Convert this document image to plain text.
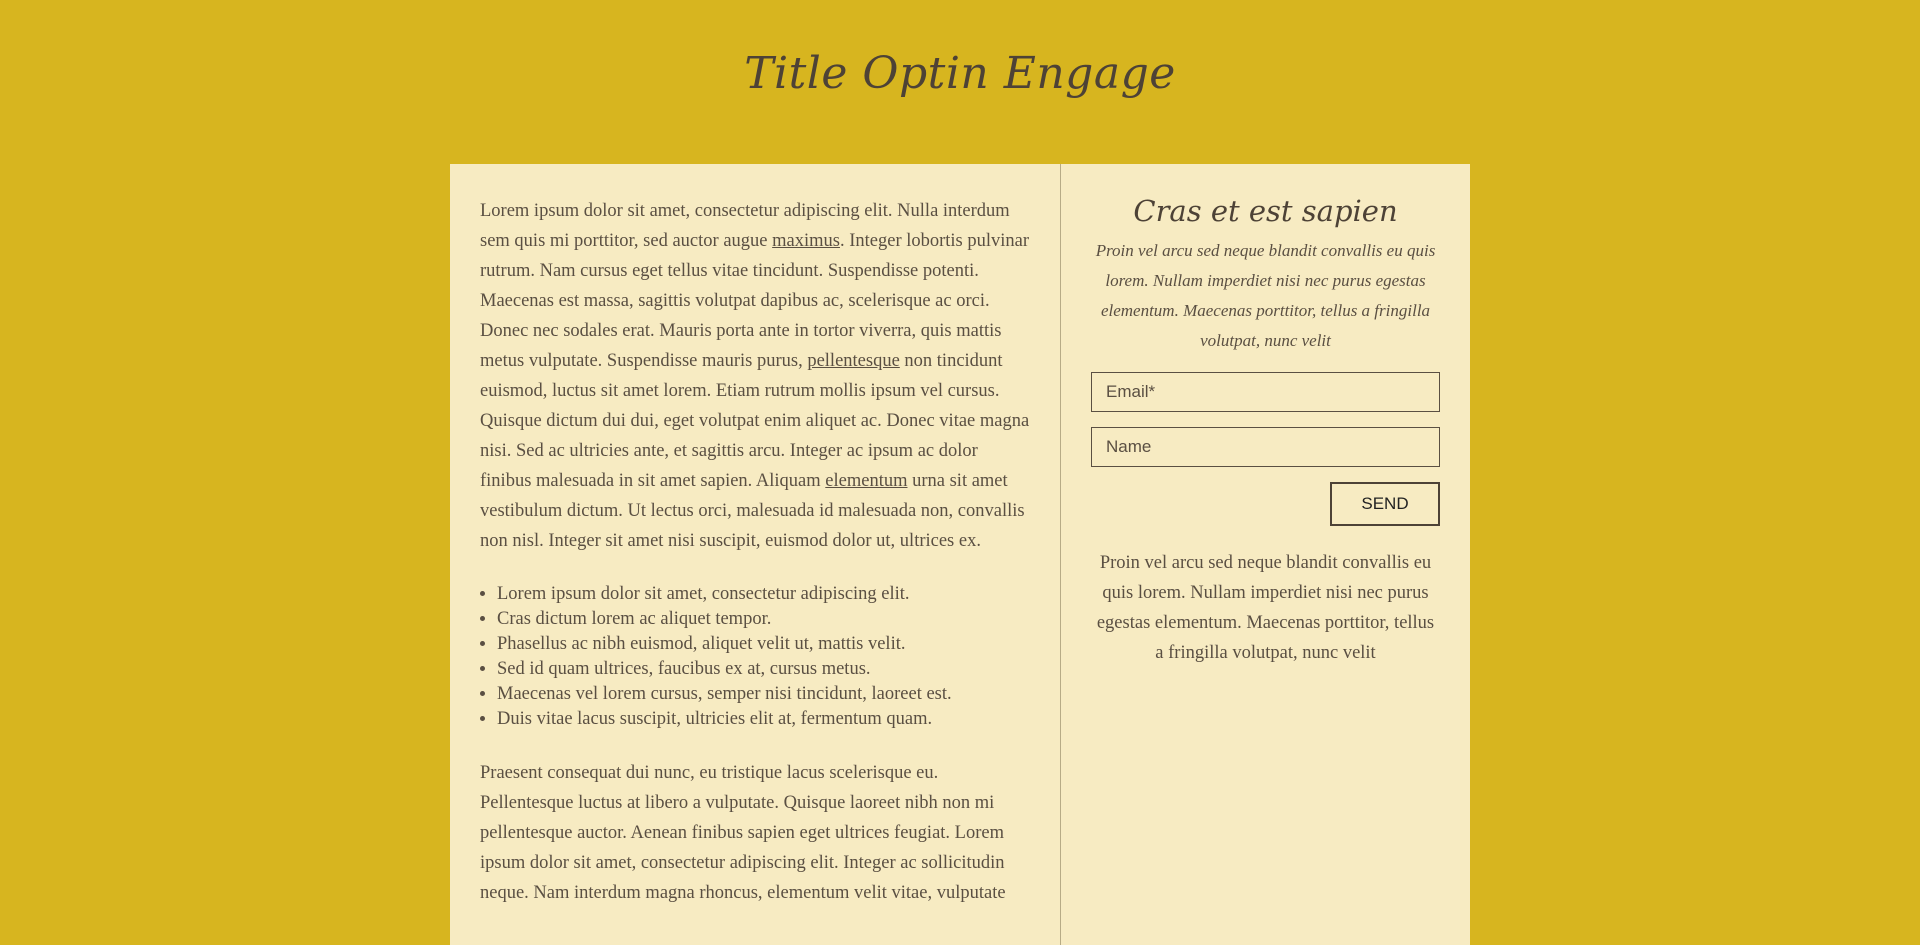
Title Optin Engage

Lorem ipsum dolor sit amet, consectetur adipiscing elit. Nulla interdum sem quis mi porttitor, sed auctor augue maximus. Integer lobortis pulvinar rutrum. Nam cursus eget tellus vitae tincidunt. Suspendisse potenti. Maecenas est massa, sagittis volutpat dapibus ac, scelerisque ac orci. Donec nec sodales erat. Mauris porta ante in tortor viverra, quis mattis metus vulputate. Suspendisse mauris purus, pellentesque non tincidunt euismod, luctus sit amet lorem. Etiam rutrum mollis ipsum vel cursus. Quisque dictum dui dui, eget volutpat enim aliquet ac. Donec vitae magna nisi. Sed ac ultricies ante, et sagittis arcu. Integer ac ipsum ac dolor finibus malesuada in sit amet sapien. Aliquam elementum urna sit amet vestibulum dictum. Ut lectus orci, malesuada id malesuada non, convallis non nisl. Integer sit amet nisi suscipit, euismod dolor ut, ultrices ex.

• Lorem ipsum dolor sit amet, consectetur adipiscing elit.
• Cras dictum lorem ac aliquet tempor.
• Phasellus ac nibh euismod, aliquet velit ut, mattis velit.
• Sed id quam ultrices, faucibus ex at, cursus metus.
• Maecenas vel lorem cursus, semper nisi tincidunt, laoreet est.
• Duis vitae lacus suscipit, ultricies elit at, fermentum quam.

Praesent consequat dui nunc, eu tristique lacus scelerisque eu. Pellentesque luctus at libero a vulputate. Quisque laoreet nibh non mi pellentesque auctor. Aenean finibus sapien eget ultrices feugiat. Lorem ipsum dolor sit amet, consectetur adipiscing elit. Integer ac sollicitudin neque. Nam interdum magna rhoncus, elementum velit vitae, vulputate

Cras et est sapien

Proin vel arcu sed neque blandit convallis eu quis lorem. Nullam imperdiet nisi nec purus egestas elementum. Maecenas porttitor, tellus a fringilla volutpat, nunc velit

Email*
Name
SEND

Proin vel arcu sed neque blandit convallis eu quis lorem. Nullam imperdiet nisi nec purus egestas elementum. Maecenas porttitor, tellus a fringilla volutpat, nunc velit
